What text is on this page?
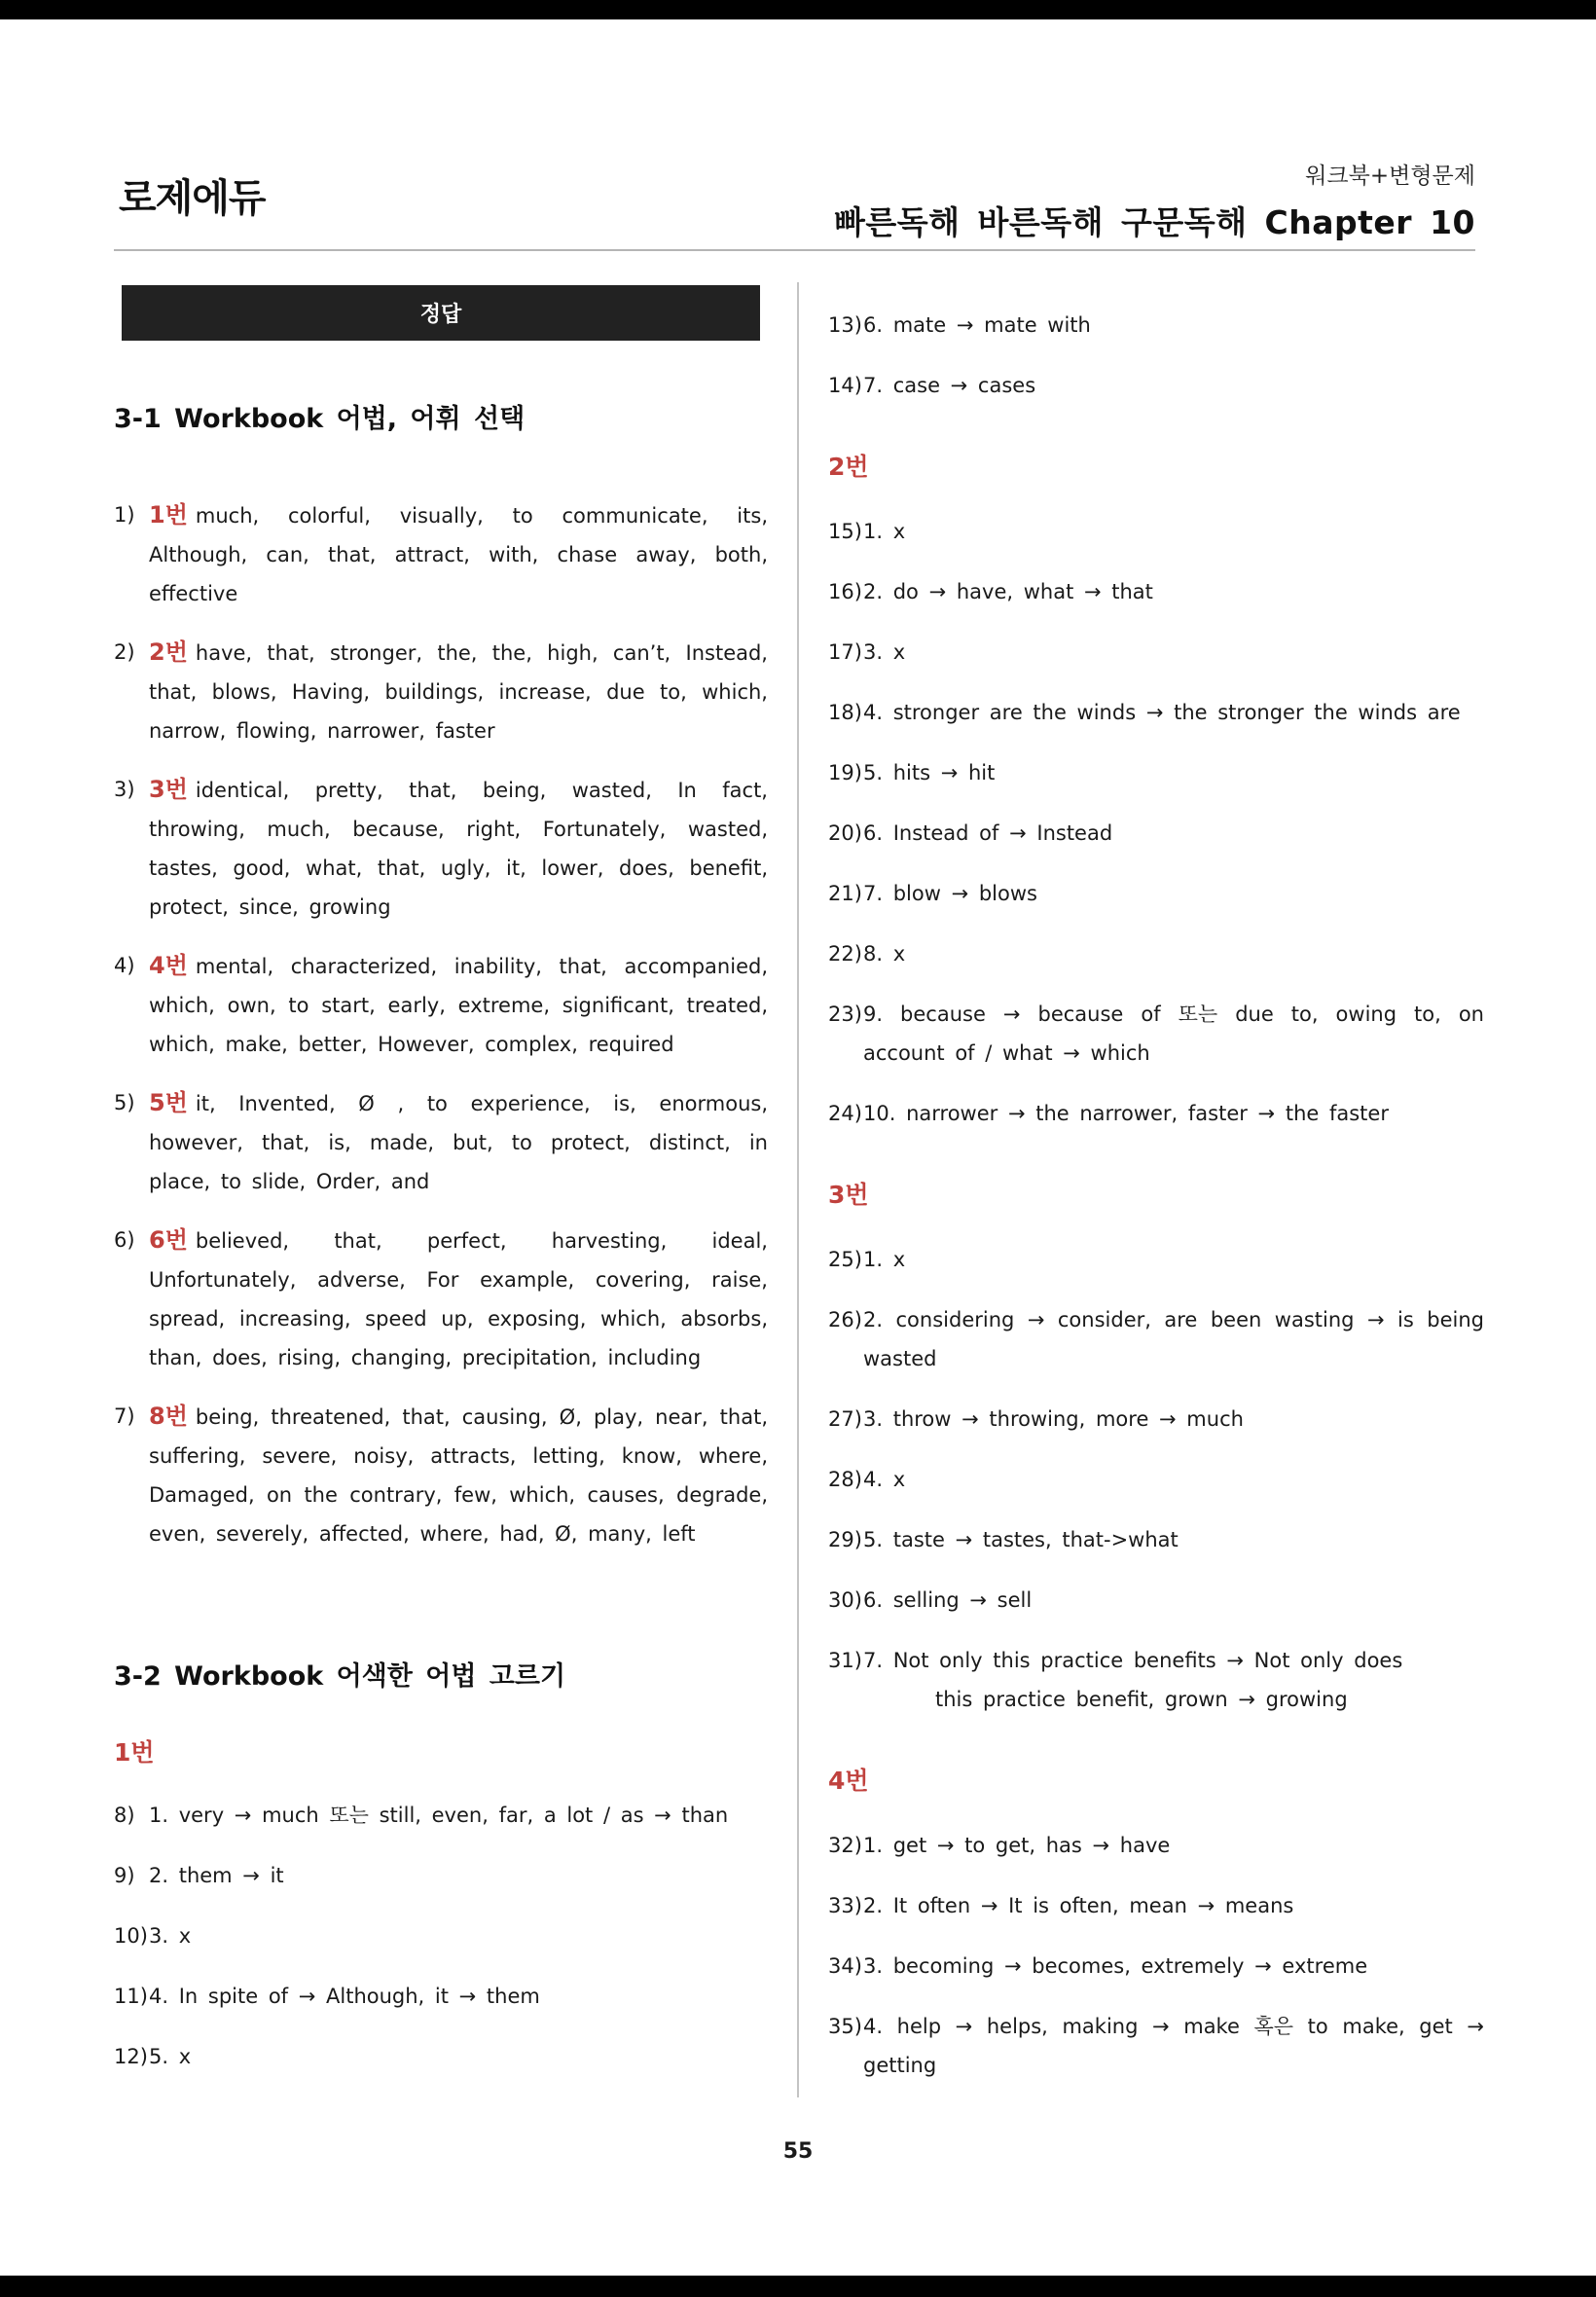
로제에듀	워크북+변형문제
빠른독해 바른독해 구문독해 Chapter 10
정답
3-1 Workbook 어법, 어휘 선택
1) 1번 much, colorful, visually, to communicate, its, Although, can, that, attract, with, chase away, both, effective
2) 2번 have, that, stronger, the, the, high, can’t, Instead, that, blows, Having, buildings, increase, due to, which, narrow, flowing, narrower, faster
3) 3번 identical, pretty, that, being, wasted, In fact, throwing, much, because, right, Fortunately, wasted, tastes, good, what, that, ugly, it, lower, does, benefit, protect, since, growing
4) 4번 mental, characterized, inability, that, accompanied, which, own, to start, early, extreme, significant, treated, which, make, better, However, complex, required
5) 5번 it, Invented, Ø , to experience, is, enormous, however, that, is, made, but, to protect, distinct, in place, to slide, Order, and
6) 6번 believed, that, perfect, harvesting, ideal, Unfortunately, adverse, For example, covering, raise, spread, increasing, speed up, exposing, which, absorbs, than, does, rising, changing, precipitation, including
7) 8번 being, threatened, that, causing, Ø, play, near, that, suffering, severe, noisy, attracts, letting, know, where, Damaged, on the contrary, few, which, causes, degrade, even, severely, affected, where, had, Ø, many, left
3-2 Workbook 어색한 어법 고르기
1번
8) 1. very → much 또는 still, even, far, a lot / as → than
9) 2. them → it
10) 3. x
11) 4. In spite of → Although, it → them
12) 5. x
13) 6. mate → mate with
14) 7. case → cases
2번
15) 1. x
16) 2. do → have, what → that
17) 3. x
18) 4. stronger are the winds → the stronger the winds are
19) 5. hits → hit
20) 6. Instead of → Instead
21) 7. blow → blows
22) 8. x
23) 9. because → because of 또는 due to, owing to, on account of / what → which
24) 10. narrower → the narrower, faster → the faster
3번
25) 1. x
26) 2. considering → consider, are been wasting → is being wasted
27) 3. throw → throwing, more → much
28) 4. x
29) 5. taste → tastes, that->what
30) 6. selling → sell
31) 7. Not only this practice benefits → Not only does
this practice benefit, grown → growing
4번
32) 1. get → to get, has → have
33) 2. It often → It is often, mean → means
34) 3. becoming → becomes, extremely → extreme
35) 4. help → helps, making → make 혹은 to make, get → getting
55
